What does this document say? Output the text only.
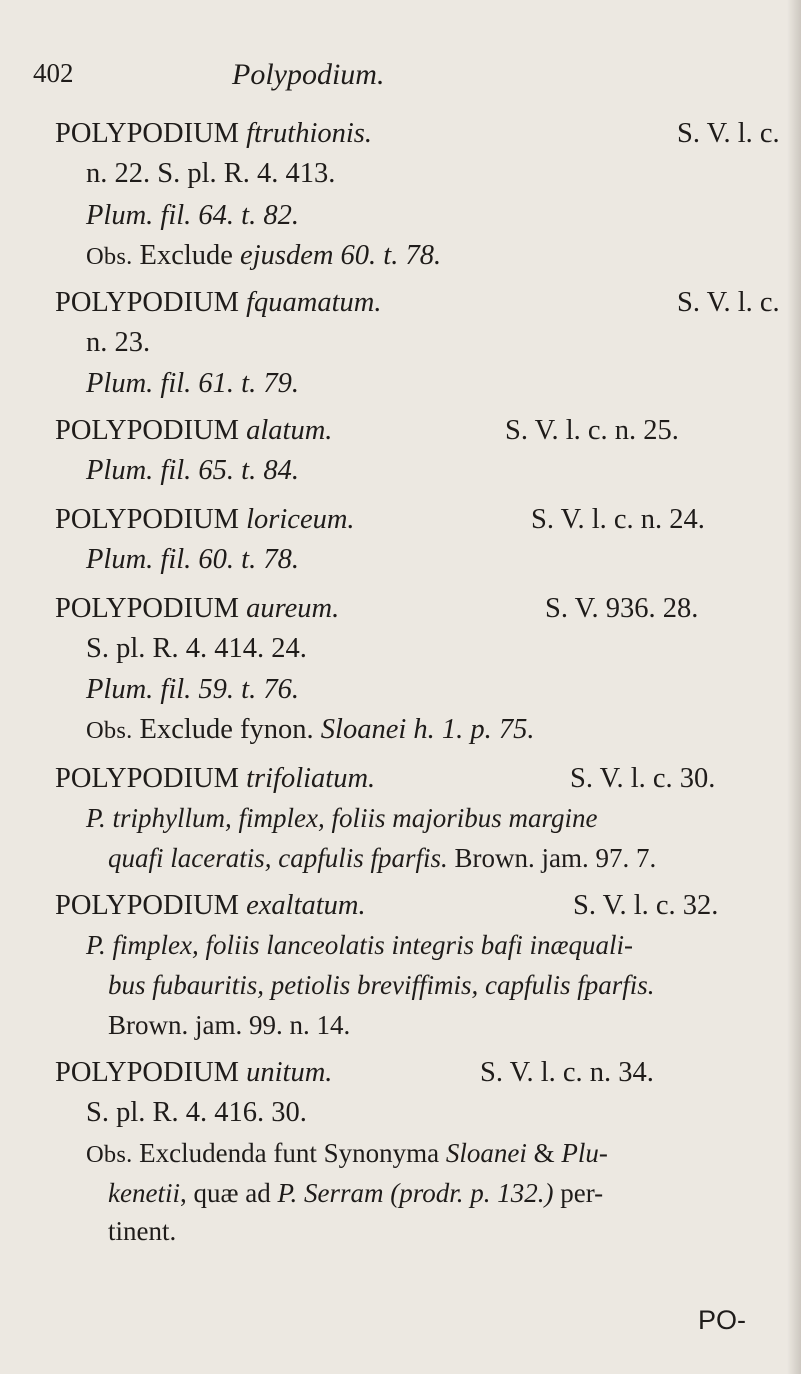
402	Polypodium.
POLYPODIUM ftruthionis.	S. V. l. c.
n. 22. S. pl. R. 4. 413.
Plum. fil. 64. t. 82.
Obs. Exclude ejusdem 60. t. 78.
POLYPODIUM fquamatum.	S. V. l. c.
n. 23.
Plum. fil. 61. t. 79.
POLYPODIUM alatum.	S. V. l. c. n. 25.
Plum. fil. 65. t. 84.
POLYPODIUM loriceum.	S. V. l. c. n. 24.
Plum. fil. 60. t. 78.
POLYPODIUM aureum.	S. V. 936. 28.
S. pl. R. 4. 414. 24.
Plum. fil. 59. t. 76.
Obs. Exclude fynon. Sloanei h. 1. p. 75.
POLYPODIUM trifoliatum.	S. V. l. c. 30.
P. triphyllum, fimplex, foliis majoribus margine
quafi laceratis, capfulis fparfis. Brown. jam. 97. 7.
POLYPODIUM exaltatum.	S. V. l. c. 32.
P. fimplex, foliis lanceolatis integris bafi inæquali-
bus fubauritis, petiolis breviffimis, capfulis fparfis.
Brown. jam. 99. n. 14.
POLYPODIUM unitum.	S. V. l. c. n. 34.
S. pl. R. 4. 416. 30.
Obs. Excludenda funt Synonyma Sloanei & Plu-
kenetii, quæ ad P. Serram (prodr. p. 132.) per-
tinent.
PO-
